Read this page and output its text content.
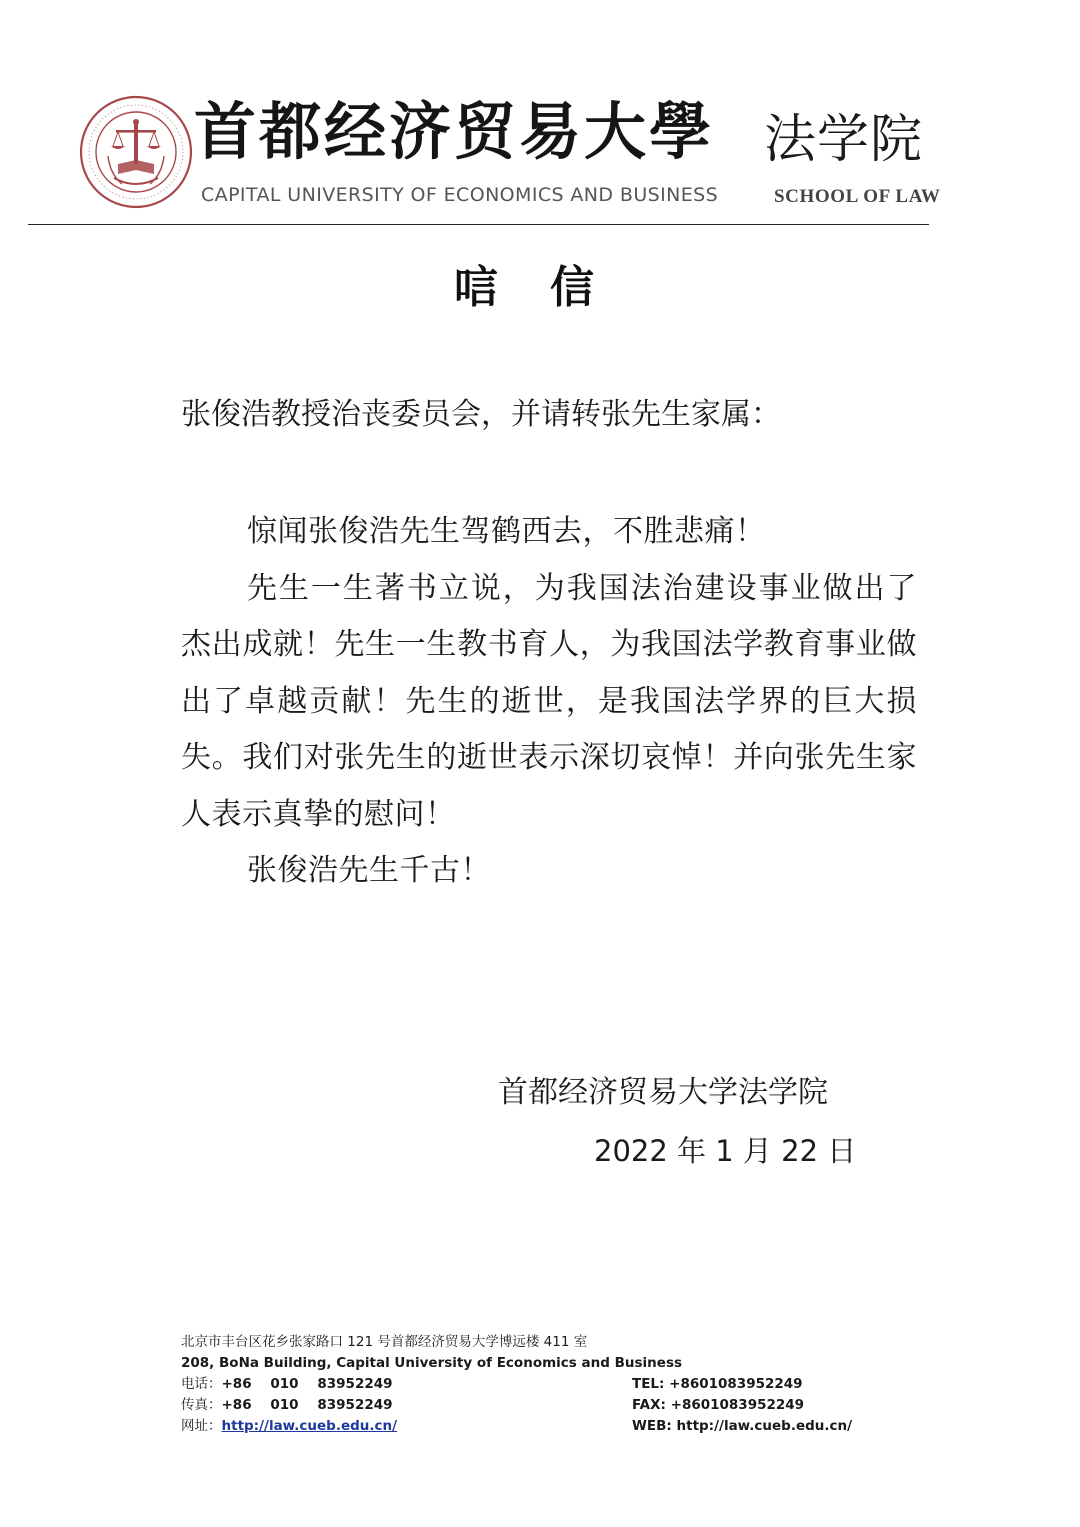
首都经济贸易大學
CAPITAL UNIVERSITY OF ECONOMICS AND BUSINESS
法学院
SCHOOL OF LAW
唁信
张俊浩教授治丧委员会，并请转张先生家属：

惊闻张俊浩先生驾鹤西去，不胜悲痛！

先生一生著书立说，为我国法治建设事业做出了杰出成就！先生一生教书育人，为我国法学教育事业做出了卓越贡献！先生的逝世，是我国法学界的巨大损失。我们对张先生的逝世表示深切哀悼！并向张先生家人表示真挚的慰问！

张俊浩先生千古！

首都经济贸易大学法学院
2022 年 1 月 22 日
北京市丰台区花乡张家路口 121 号首都经济贸易大学博远楼 411 室
208, BoNa Building, Capital University of Economics and Business
电话：+86    010    83952249	TEL: +8601083952249
传真：+86    010    83952249	FAX: +8601083952249
网址：http://law.cueb.edu.cn/	WEB: http://law.cueb.edu.cn/
